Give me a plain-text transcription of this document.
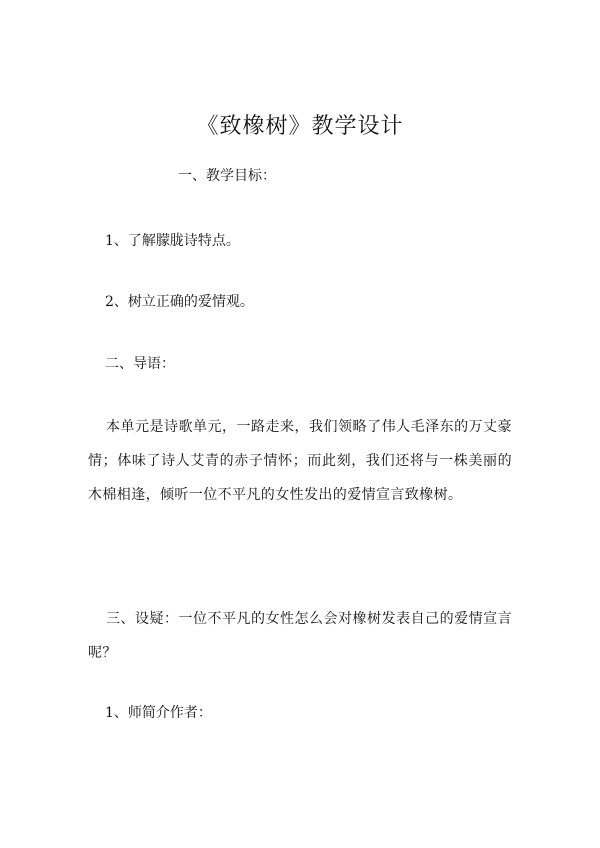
《致橡树》教学设计
一、教学目标：
1、了解朦胧诗特点。
2、树立正确的爱情观。
二、导语：

本单元是诗歌单元，一路走来，我们领略了伟人毛泽东的万丈豪情；体味了诗人艾青的赤子情怀；而此刻，我们还将与一株美丽的木棉相逢，倾听一位不平凡的女性发出的爱情宣言致橡树。

三、设疑：一位不平凡的女性怎么会对橡树发表自己的爱情宣言呢？

1、师简介作者：
